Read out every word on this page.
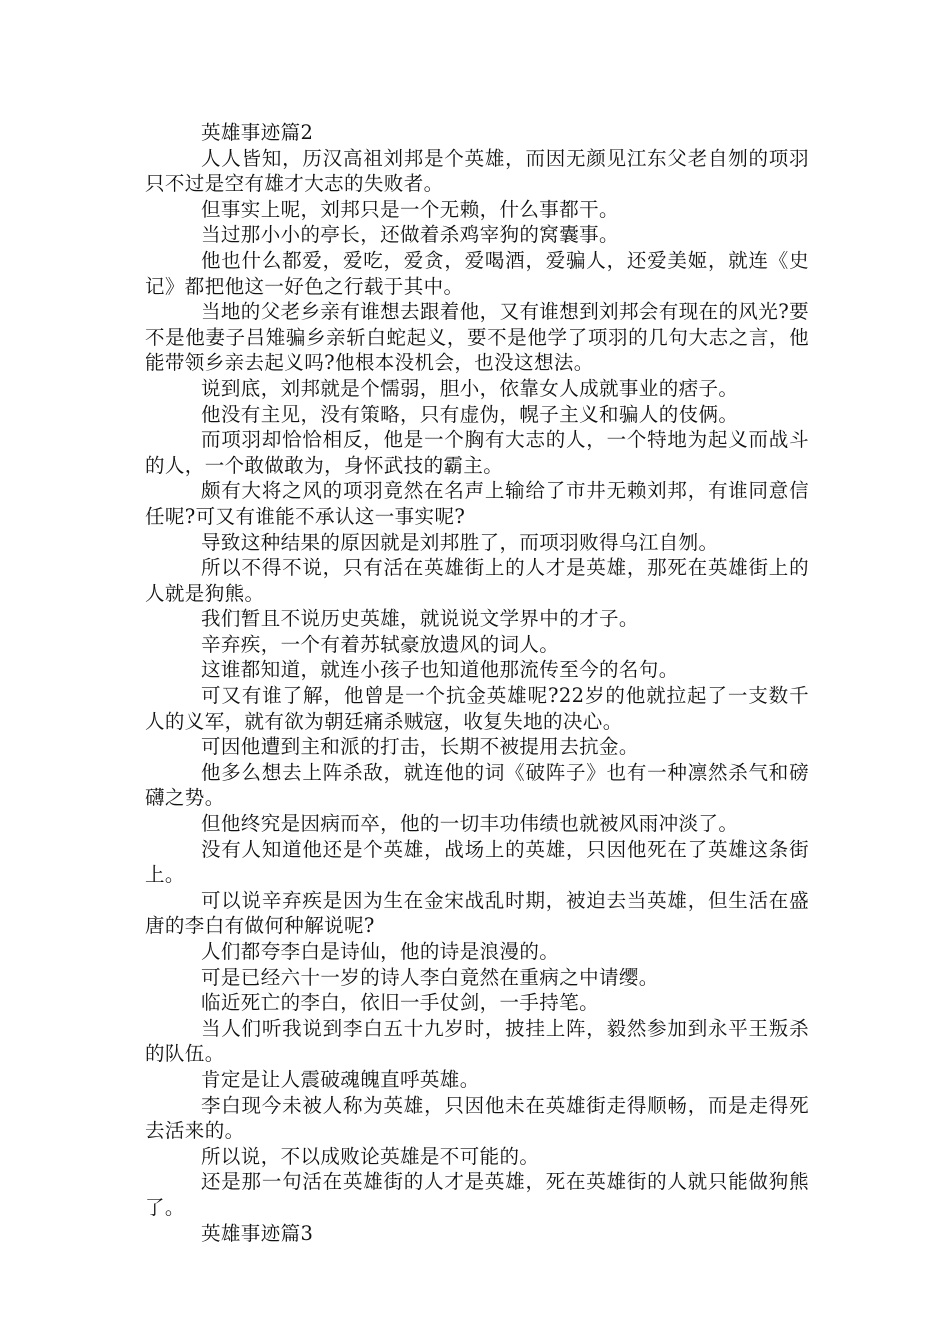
英雄事迹篇2

人人皆知，历汉高祖刘邦是个英雄，而因无颜见江东父老自刎的项羽只不过是空有雄才大志的失败者。

但事实上呢，刘邦只是一个无赖，什么事都干。

当过那小小的亭长，还做着杀鸡宰狗的窝囊事。

他也什么都爱，爱吃，爱贪，爱喝酒，爱骗人，还爱美姬，就连《史记》都把他这一好色之行载于其中。

当地的父老乡亲有谁想去跟着他，又有谁想到刘邦会有现在的风光?要不是他妻子吕雉骗乡亲斩白蛇起义，要不是他学了项羽的几句大志之言，他能带领乡亲去起义吗?他根本没机会，也没这想法。

说到底，刘邦就是个懦弱，胆小，依靠女人成就事业的痞子。

他没有主见，没有策略，只有虚伪，幌子主义和骗人的伎俩。

而项羽却恰恰相反，他是一个胸有大志的人，一个特地为起义而战斗的人，一个敢做敢为，身怀武技的霸主。

颇有大将之风的项羽竟然在名声上输给了市井无赖刘邦，有谁同意信任呢?可又有谁能不承认这一事实呢?

导致这种结果的原因就是刘邦胜了，而项羽败得乌江自刎。

所以不得不说，只有活在英雄街上的人才是英雄，那死在英雄街上的人就是狗熊。

我们暂且不说历史英雄，就说说文学界中的才子。

辛弃疾，一个有着苏轼豪放遗风的词人。

这谁都知道，就连小孩子也知道他那流传至今的名句。

可又有谁了解，他曾是一个抗金英雄呢?22岁的他就拉起了一支数千人的义军，就有欲为朝廷痛杀贼寇，收复失地的决心。

可因他遭到主和派的打击，长期不被提用去抗金。

他多么想去上阵杀敌，就连他的词《破阵子》也有一种凛然杀气和磅礴之势。

但他终究是因病而卒，他的一切丰功伟绩也就被风雨冲淡了。

没有人知道他还是个英雄，战场上的英雄，只因他死在了英雄这条街上。

可以说辛弃疾是因为生在金宋战乱时期，被迫去当英雄，但生活在盛唐的李白有做何种解说呢?

人们都夸李白是诗仙，他的诗是浪漫的。

可是已经六十一岁的诗人李白竟然在重病之中请缨。

临近死亡的李白，依旧一手仗剑，一手持笔。

当人们听我说到李白五十九岁时，披挂上阵，毅然参加到永平王叛杀的队伍。

肯定是让人震破魂魄直呼英雄。

李白现今未被人称为英雄，只因他未在英雄街走得顺畅，而是走得死去活来的。

所以说，不以成败论英雄是不可能的。

还是那一句活在英雄街的人才是英雄，死在英雄街的人就只能做狗熊了。

英雄事迹篇3
